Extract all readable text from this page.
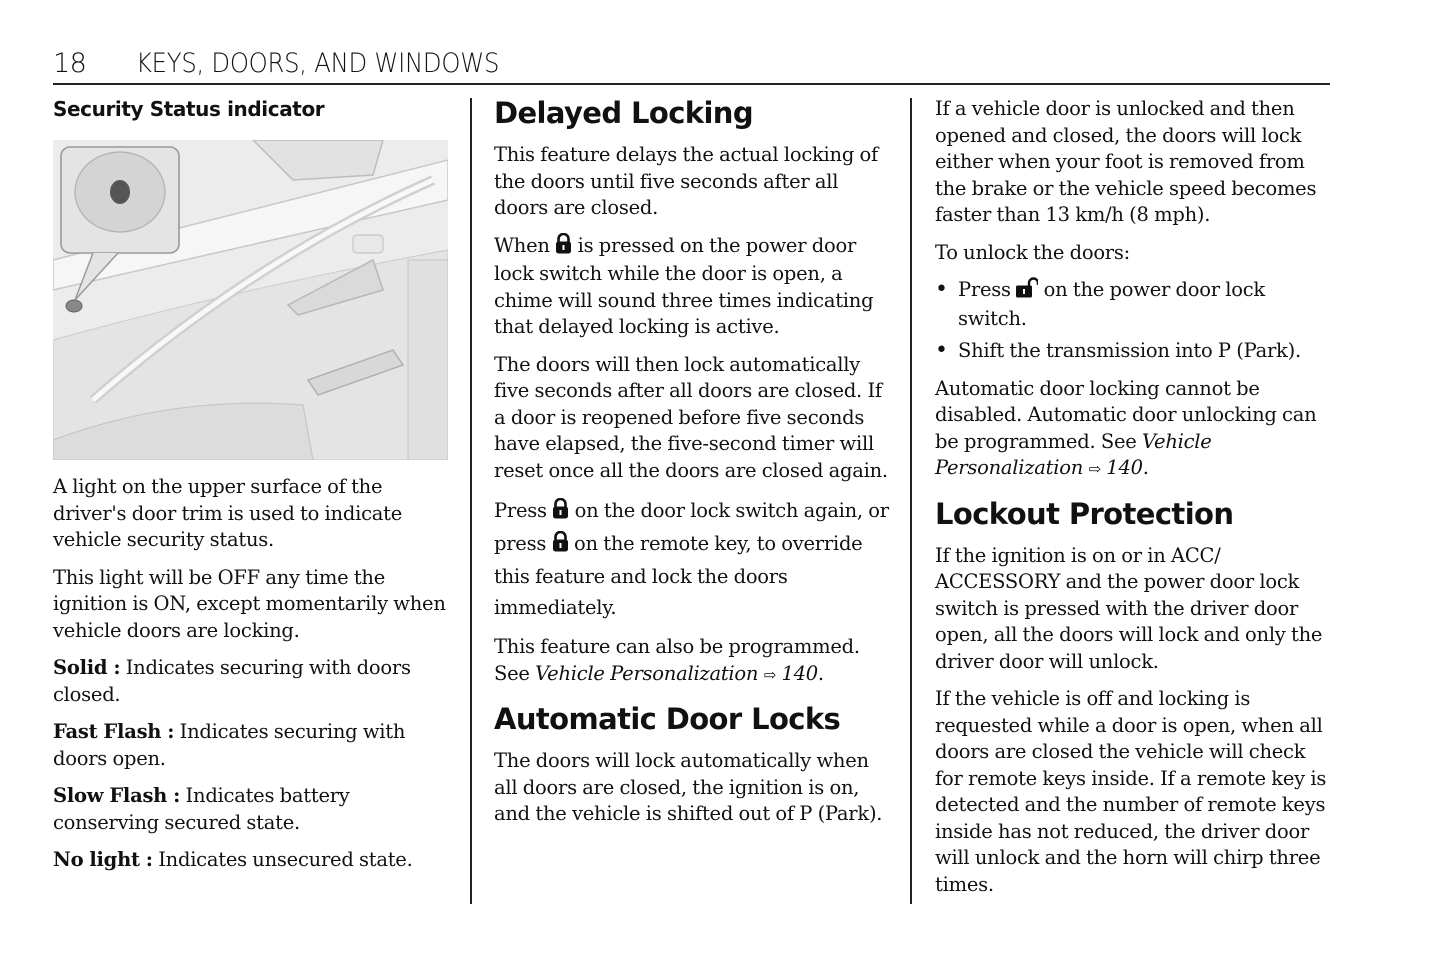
18 KEYS, DOORS, AND WINDOWS
Security Status indicator

A light on the upper surface of the driver's door trim is used to indicate vehicle security status.

This light will be OFF any time the ignition is ON, except momentarily when vehicle doors are locking.

Solid : Indicates securing with doors closed.

Fast Flash : Indicates securing with doors open.

Slow Flash : Indicates battery conserving secured state.

No light : Indicates unsecured state.

Delayed Locking

This feature delays the actual locking of the doors until five seconds after all doors are closed.

When  is pressed on the power door lock switch while the door is open, a chime will sound three times indicating that delayed locking is active.

The doors will then lock automatically five seconds after all doors are closed. If a door is reopened before five seconds have elapsed, the five-second timer will reset once all the doors are closed again.

Press  on the door lock switch again, or press  on the remote key, to override this feature and lock the doors immediately.

This feature can also be programmed. See Vehicle Personalization ⇨ 140.

Automatic Door Locks

The doors will lock automatically when all doors are closed, the ignition is on, and the vehicle is shifted out of P (Park).

If a vehicle door is unlocked and then opened and closed, the doors will lock either when your foot is removed from the brake or the vehicle speed becomes faster than 13 km/h (8 mph).

To unlock the doors:

• Press  on the power door lock switch.
• Shift the transmission into P (Park).

Automatic door locking cannot be disabled. Automatic door unlocking can be programmed. See Vehicle Personalization ⇨ 140.

Lockout Protection

If the ignition is on or in ACC/ ACCESSORY and the power door lock switch is pressed with the driver door open, all the doors will lock and only the driver door will unlock.

If the vehicle is off and locking is requested while a door is open, when all doors are closed the vehicle will check for remote keys inside. If a remote key is detected and the number of remote keys inside has not reduced, the driver door will unlock and the horn will chirp three times.
